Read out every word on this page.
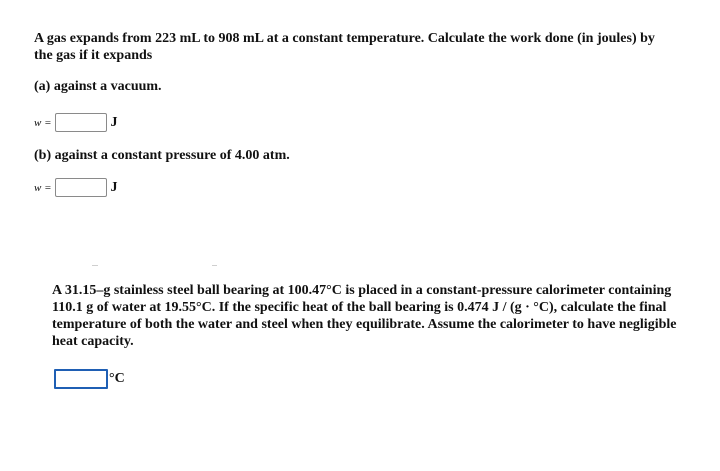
A gas expands from 223 mL to 908 mL at a constant temperature. Calculate the work done (in joules) by the gas if it expands

(a) against a vacuum.

w =	J

(b) against a constant pressure of 4.00 atm.

w =	J

A 31.15–g stainless steel ball bearing at 100.47°C is placed in a constant-pressure calorimeter containing 110.1 g of water at 19.55°C. If the specific heat of the ball bearing is 0.474 J / (g · °C), calculate the final temperature of both the water and steel when they equilibrate. Assume the calorimeter to have negligible heat capacity.

°C
